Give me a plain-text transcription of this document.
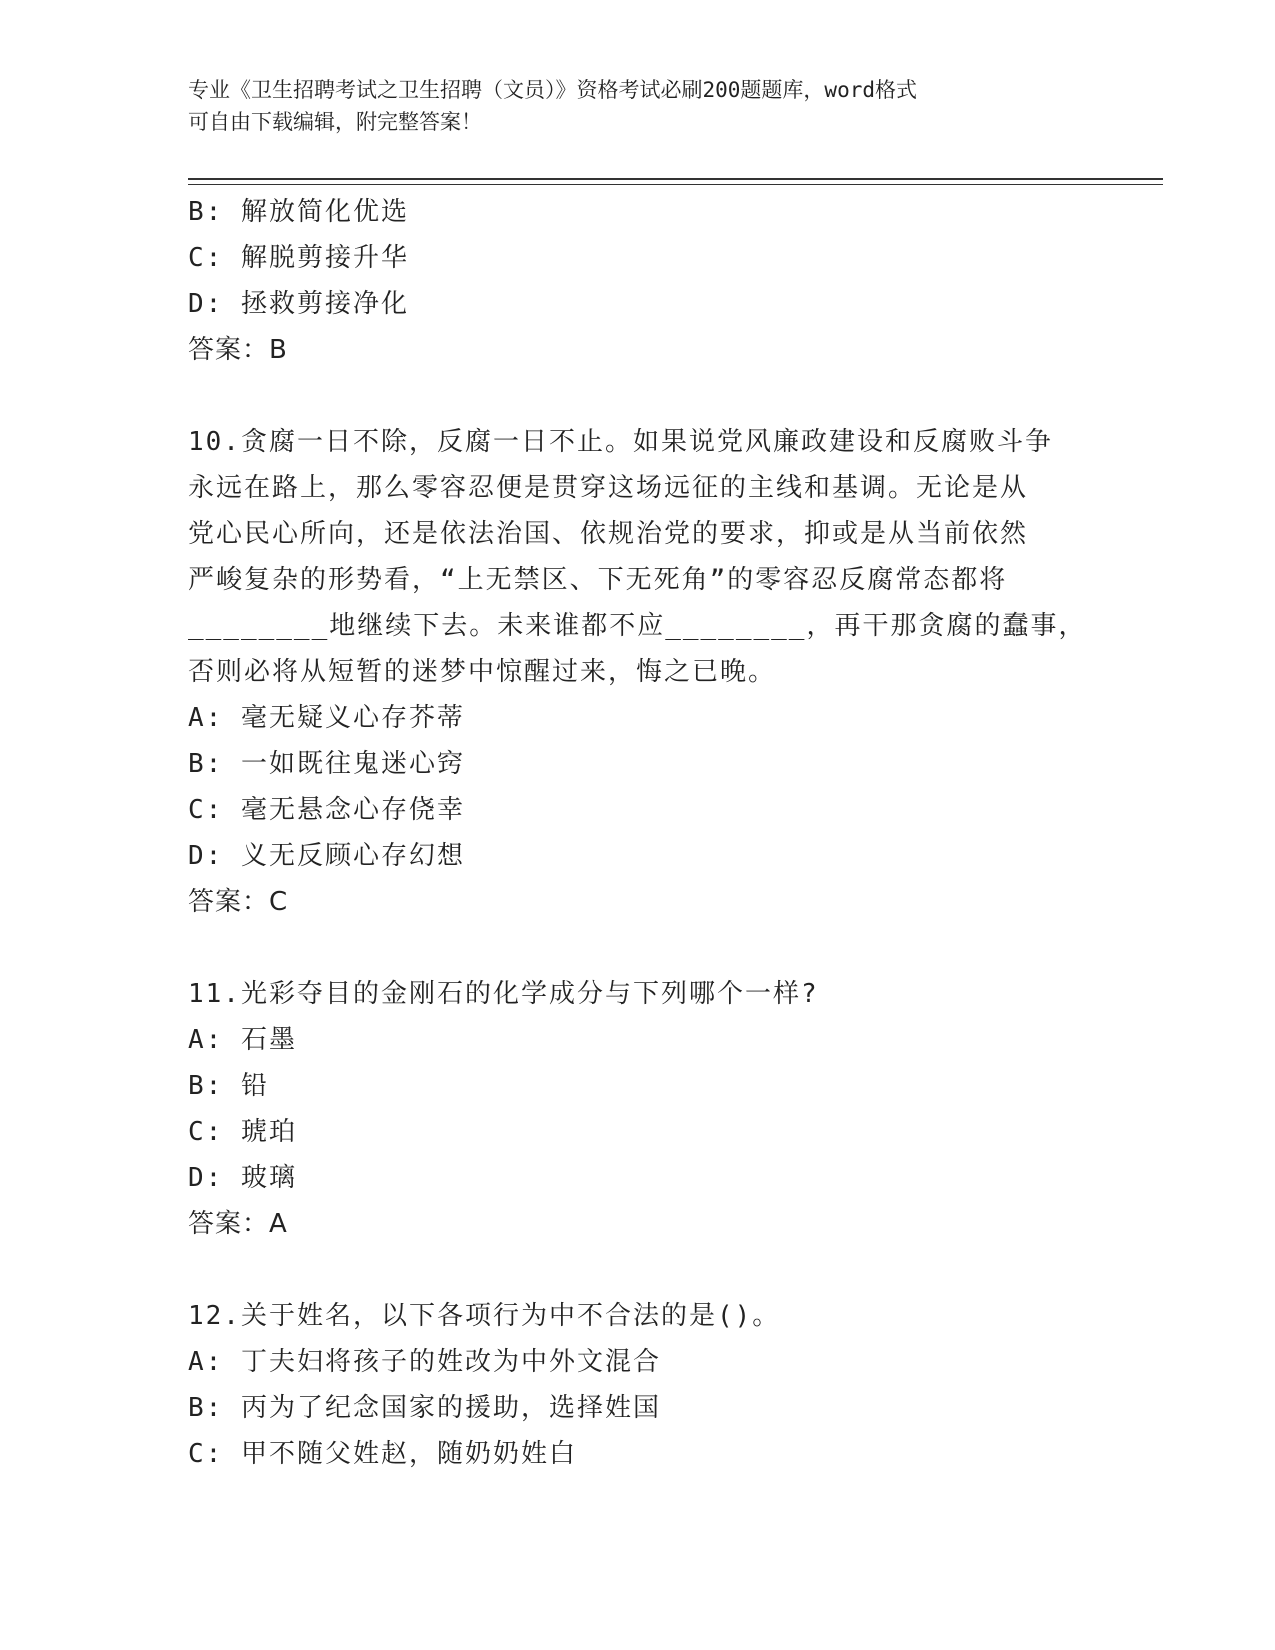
专业《卫生招聘考试之卫生招聘（文员）》资格考试必刷200题题库，word格式
可自由下载编辑，附完整答案！

B: 解放简化优选

C: 解脱剪接升华

D: 拯救剪接净化

答案：B

10.贪腐一日不除，反腐一日不止。如果说党风廉政建设和反腐败斗争

永远在路上，那么零容忍便是贯穿这场远征的主线和基调。无论是从

党心民心所向，还是依法治国、依规治党的要求，抑或是从当前依然

严峻复杂的形势看，“上无禁区、下无死角”的零容忍反腐常态都将

________地继续下去。未来谁都不应________，再干那贪腐的蠢事，

否则必将从短暂的迷梦中惊醒过来，悔之已晚。

A: 毫无疑义心存芥蒂

B: 一如既往鬼迷心窍

C: 毫无悬念心存侥幸

D: 义无反顾心存幻想

答案：C

11.光彩夺目的金刚石的化学成分与下列哪个一样?

A: 石墨

B: 铅

C: 琥珀

D: 玻璃

答案：A

12.关于姓名，以下各项行为中不合法的是()。

A: 丁夫妇将孩子的姓改为中外文混合

B: 丙为了纪念国家的援助，选择姓国

C: 甲不随父姓赵，随奶奶姓白
